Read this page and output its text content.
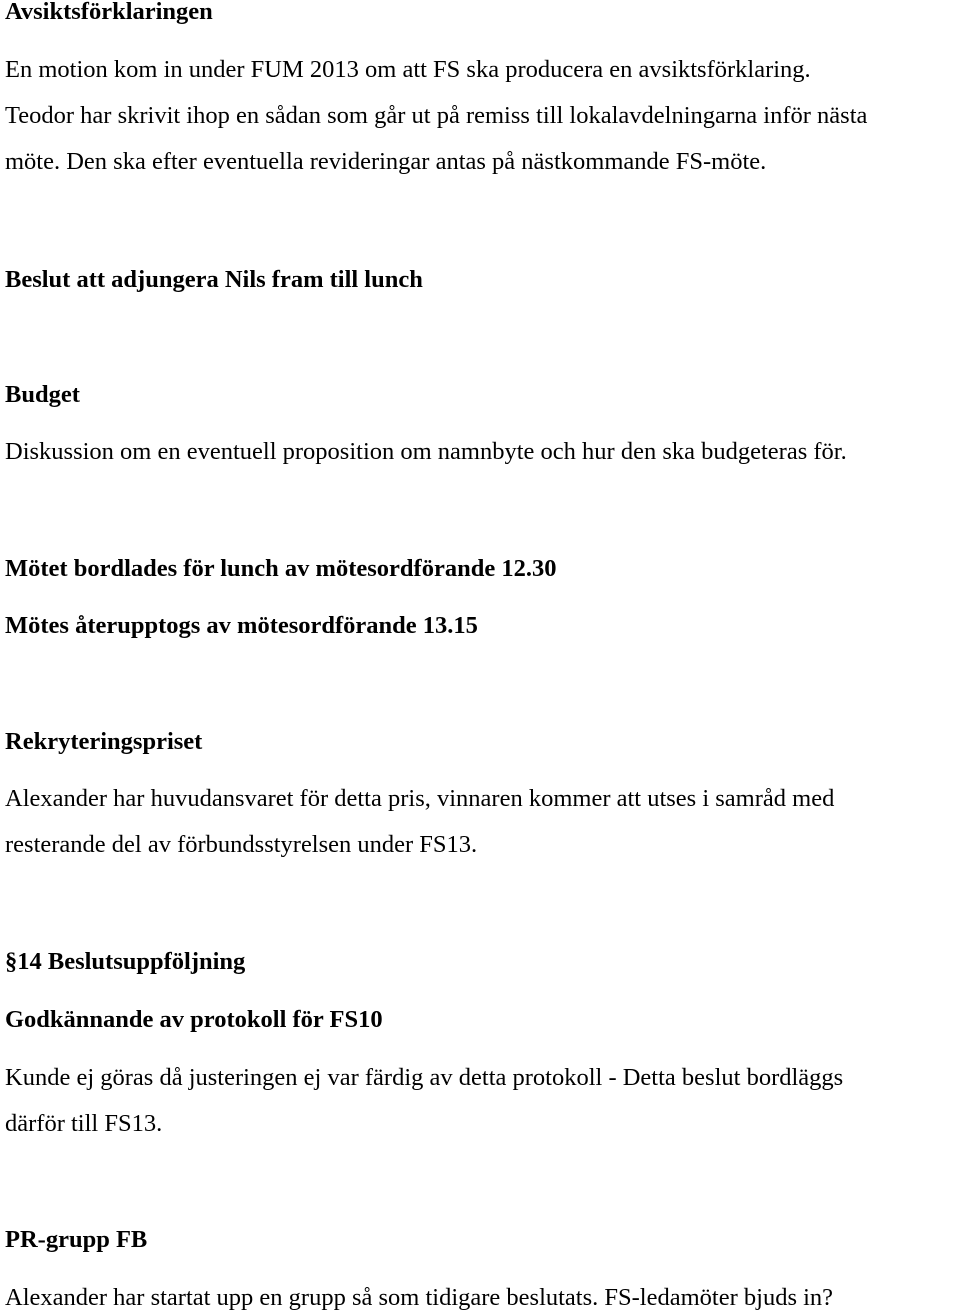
Avsiktsförklaringen
En motion kom in under FUM 2013 om att FS ska producera en avsiktsförklaring.
Teodor har skrivit ihop en sådan som går ut på remiss till lokalavdelningarna inför nästa
möte. Den ska efter eventuella revideringar antas på nästkommande FS-möte.
Beslut att adjungera Nils fram till lunch
Budget
Diskussion om en eventuell proposition om namnbyte och hur den ska budgeteras för.
Mötet bordlades för lunch av mötesordförande 12.30
Mötes återupptogs av mötesordförande 13.15
Rekryteringspriset
Alexander har huvudansvaret för detta pris, vinnaren kommer att utses i samråd med
resterande del av förbundsstyrelsen under FS13.
§14 Beslutsuppföljning
Godkännande av protokoll för FS10
Kunde ej göras då justeringen ej var färdig av detta protokoll - Detta beslut bordläggs
därför till FS13.
PR-grupp FB
Alexander har startat upp en grupp så som tidigare beslutats. FS-ledamöter bjuds in?
